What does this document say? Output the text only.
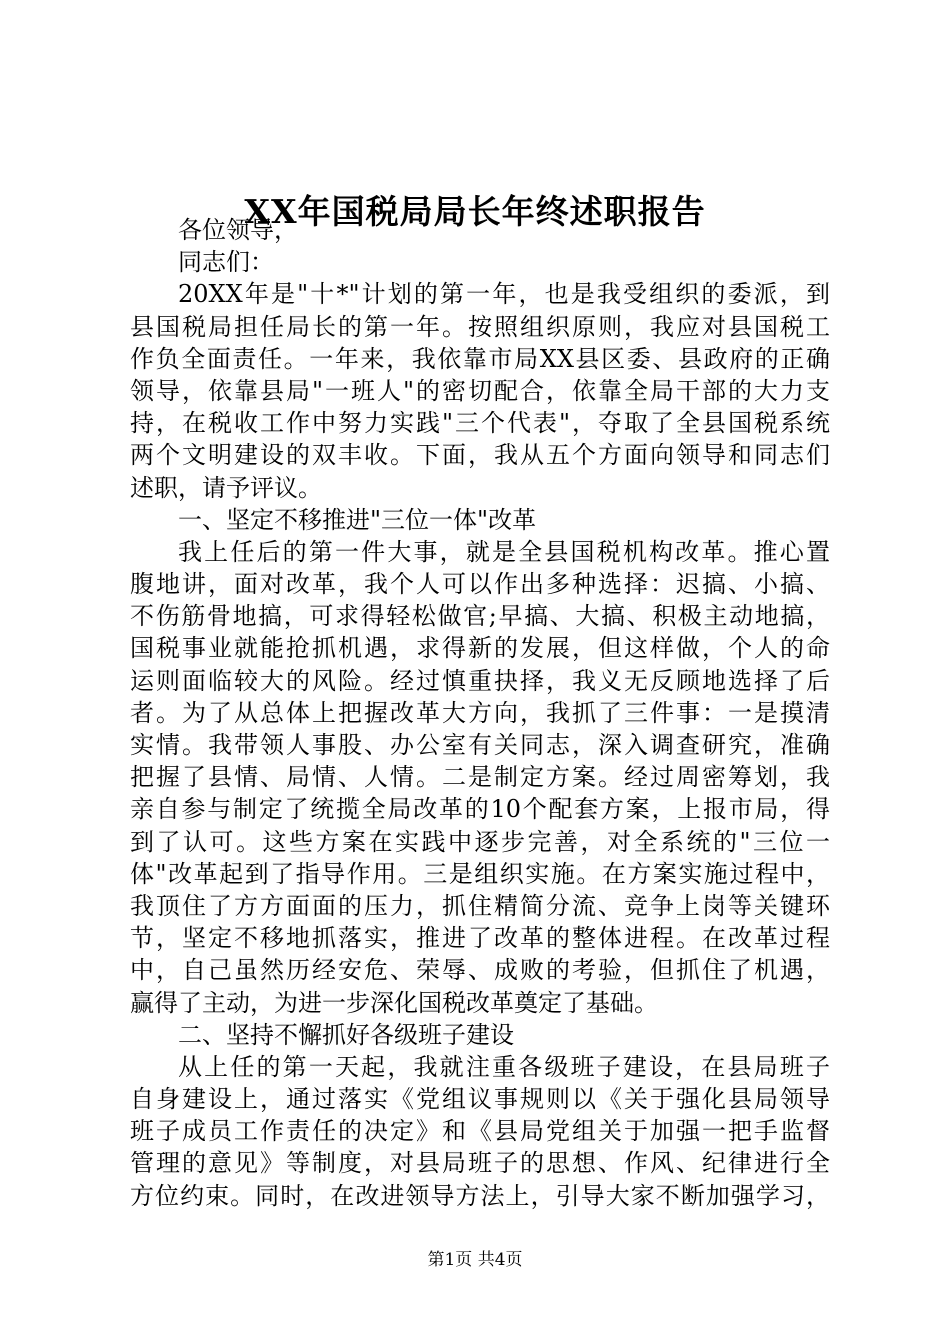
XX年国税局局长年终述职报告
各位领导，
同志们：
20XX年是"十*"计划的第一年，也是我受组织的委派，到
县国税局担任局长的第一年。按照组织原则，我应对县国税工
作负全面责任。一年来，我依靠市局XX县区委、县政府的正确
领导，依靠县局"一班人"的密切配合，依靠全局干部的大力支
持，在税收工作中努力实践"三个代表"，夺取了全县国税系统
两个文明建设的双丰收。下面，我从五个方面向领导和同志们
述职，请予评议。
一、坚定不移推进"三位一体"改革
我上任后的第一件大事，就是全县国税机构改革。推心置
腹地讲，面对改革，我个人可以作出多种选择：迟搞、小搞、
不伤筋骨地搞，可求得轻松做官;早搞、大搞、积极主动地搞，
国税事业就能抢抓机遇，求得新的发展，但这样做，个人的命
运则面临较大的风险。经过慎重抉择，我义无反顾地选择了后
者。为了从总体上把握改革大方向，我抓了三件事：一是摸清
实情。我带领人事股、办公室有关同志，深入调查研究，准确
把握了县情、局情、人情。二是制定方案。经过周密筹划，我
亲自参与制定了统揽全局改革的10个配套方案，上报市局，得
到了认可。这些方案在实践中逐步完善，对全系统的"三位一
体"改革起到了指导作用。三是组织实施。在方案实施过程中，
我顶住了方方面面的压力，抓住精简分流、竞争上岗等关键环
节，坚定不移地抓落实，推进了改革的整体进程。在改革过程
中，自己虽然历经安危、荣辱、成败的考验，但抓住了机遇，
赢得了主动，为进一步深化国税改革奠定了基础。
二、坚持不懈抓好各级班子建设
从上任的第一天起，我就注重各级班子建设，在县局班子
自身建设上，通过落实《党组议事规则以《关于强化县局领导
班子成员工作责任的决定》和《县局党组关于加强一把手监督
管理的意见》等制度，对县局班子的思想、作风、纪律进行全
方位约束。同时，在改进领导方法上，引导大家不断加强学习，
第1页 共4页
